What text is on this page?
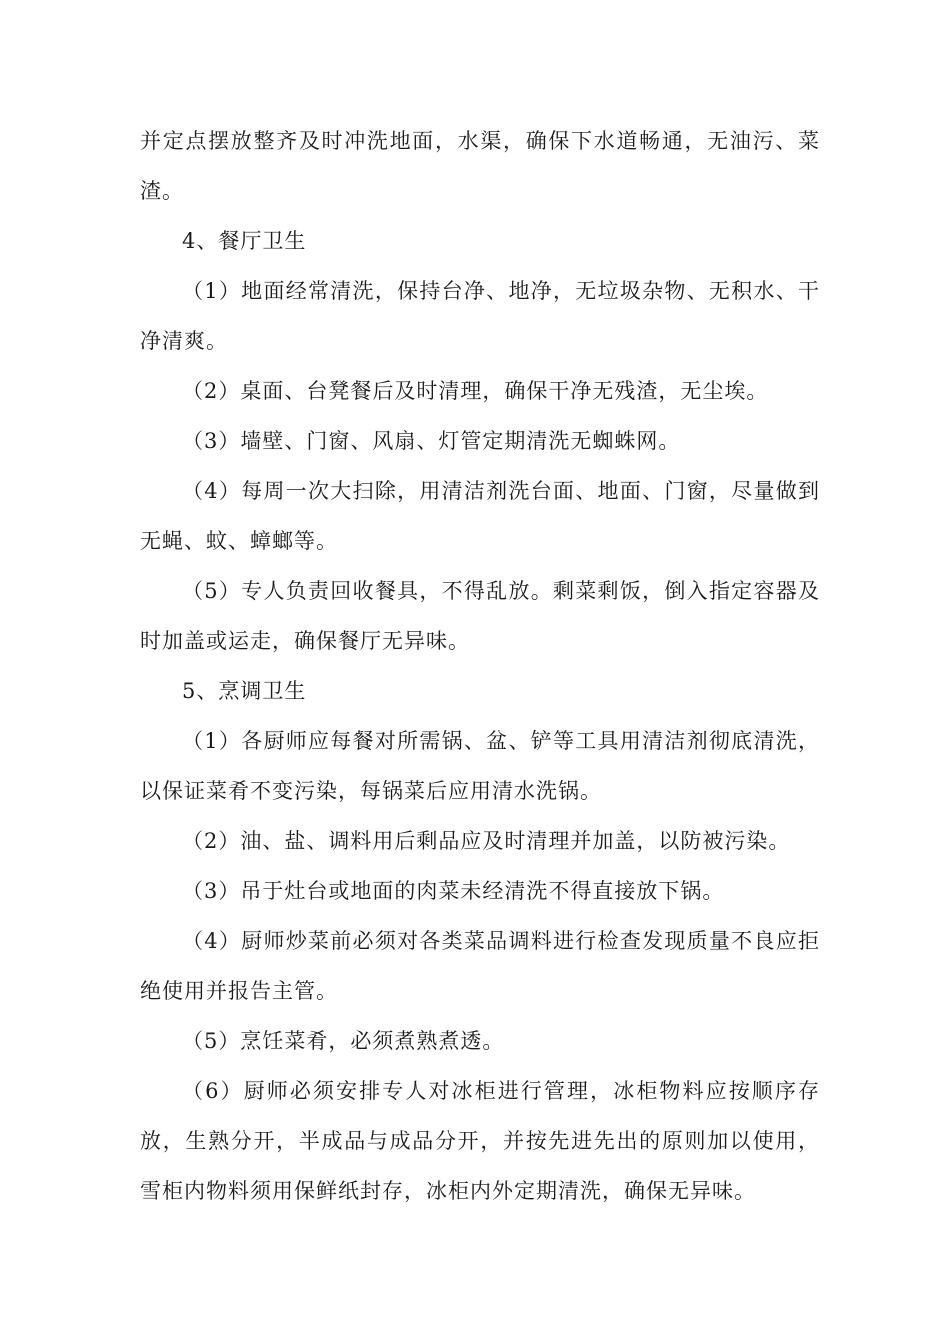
并定点摆放整齐及时冲洗地面，水渠，确保下水道畅通，无油污、菜渣。

4、餐厅卫生

（1）地面经常清洗，保持台净、地净，无垃圾杂物、无积水、干净清爽。

（2）桌面、台凳餐后及时清理，确保干净无残渣，无尘埃。

（3）墙壁、门窗、风扇、灯管定期清洗无蜘蛛网。

（4）每周一次大扫除，用清洁剂洗台面、地面、门窗，尽量做到无蝇、蚊、蟑螂等。

（5）专人负责回收餐具，不得乱放。剩菜剩饭，倒入指定容器及时加盖或运走，确保餐厅无异味。

5、烹调卫生

（1）各厨师应每餐对所需锅、盆、铲等工具用清洁剂彻底清洗，以保证菜肴不变污染，每锅菜后应用清水洗锅。

（2）油、盐、调料用后剩品应及时清理并加盖，以防被污染。

（3）吊于灶台或地面的肉菜未经清洗不得直接放下锅。

（4）厨师炒菜前必须对各类菜品调料进行检查发现质量不良应拒绝使用并报告主管。

（5）烹饪菜肴，必须煮熟煮透。

（6）厨师必须安排专人对冰柜进行管理，冰柜物料应按顺序存放，生熟分开，半成品与成品分开，并按先进先出的原则加以使用，雪柜内物料须用保鲜纸封存，冰柜内外定期清洗，确保无异味。
